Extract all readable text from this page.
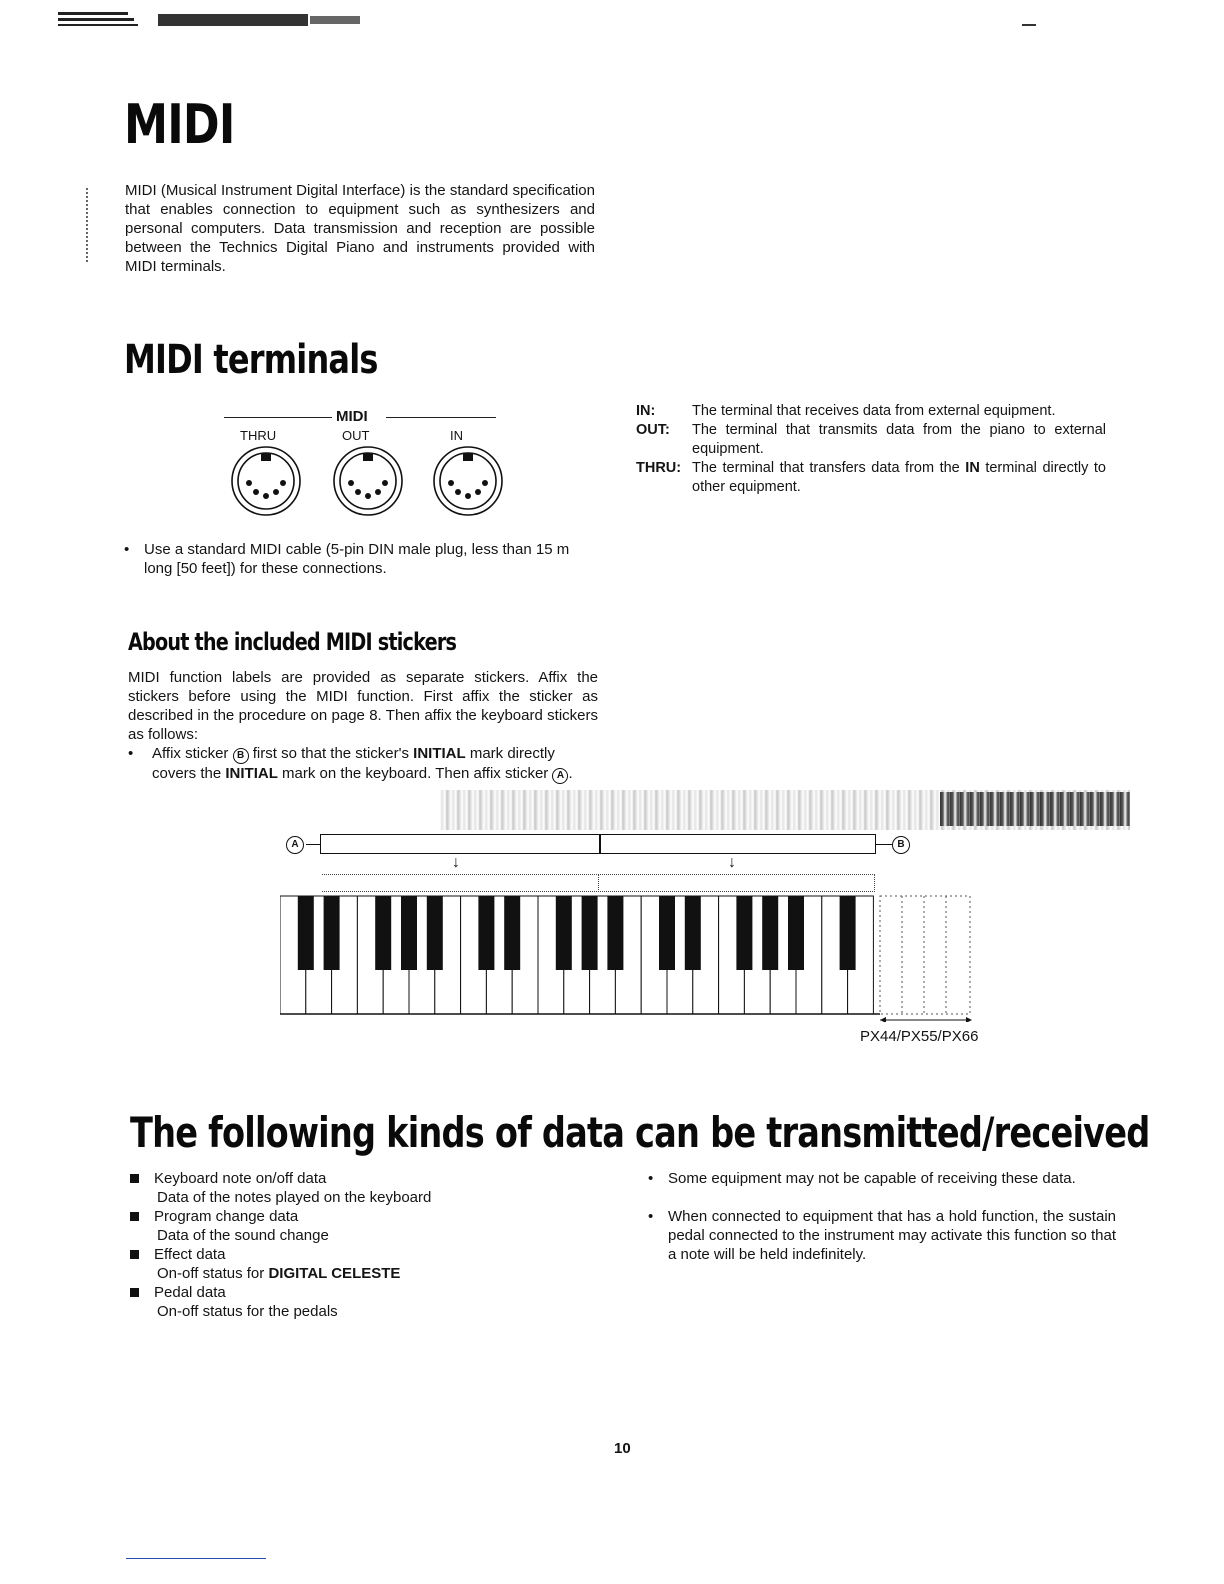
MIDI

MIDI (Musical Instrument Digital Interface) is the standard specification that enables connection to equipment such as synthesizers and personal computers. Data transmission and reception are possible between the Technics Digital Piano and instruments provided with MIDI terminals.

MIDI terminals
MIDI
THRU	OUT	IN
• Use a standard MIDI cable (5-pin DIN male plug, less than 15 m long [50 feet]) for these connections.
IN:	The terminal that receives data from external equipment.
OUT:	The terminal that transmits data from the piano to external equipment.
THRU: The terminal that transfers data from the IN terminal directly to other equipment.
About the included MIDI stickers

MIDI function labels are provided as separate stickers. Affix the stickers before using the MIDI function. First affix the sticker as described in the procedure on page 8. Then affix the keyboard stickers as follows:

•	Affix sticker B first so that the sticker's INITIAL mark directly covers the INITIAL mark on the keyboard. Then affix sticker A .
A	B
↓	↓
PX44/PX55/PX66
The following kinds of data can be transmitted/received
Keyboard note on/off data
Data of the notes played on the keyboard
Program change data
Data of the sound change
Effect data
On-off status for DIGITAL CELESTE
Pedal data
On-off status for the pedals
• Some equipment may not be capable of receiving these data.
• When connected to equipment that has a hold function, the sustain pedal connected to the instrument may activate this function so that a note will be held indefinitely.
10
